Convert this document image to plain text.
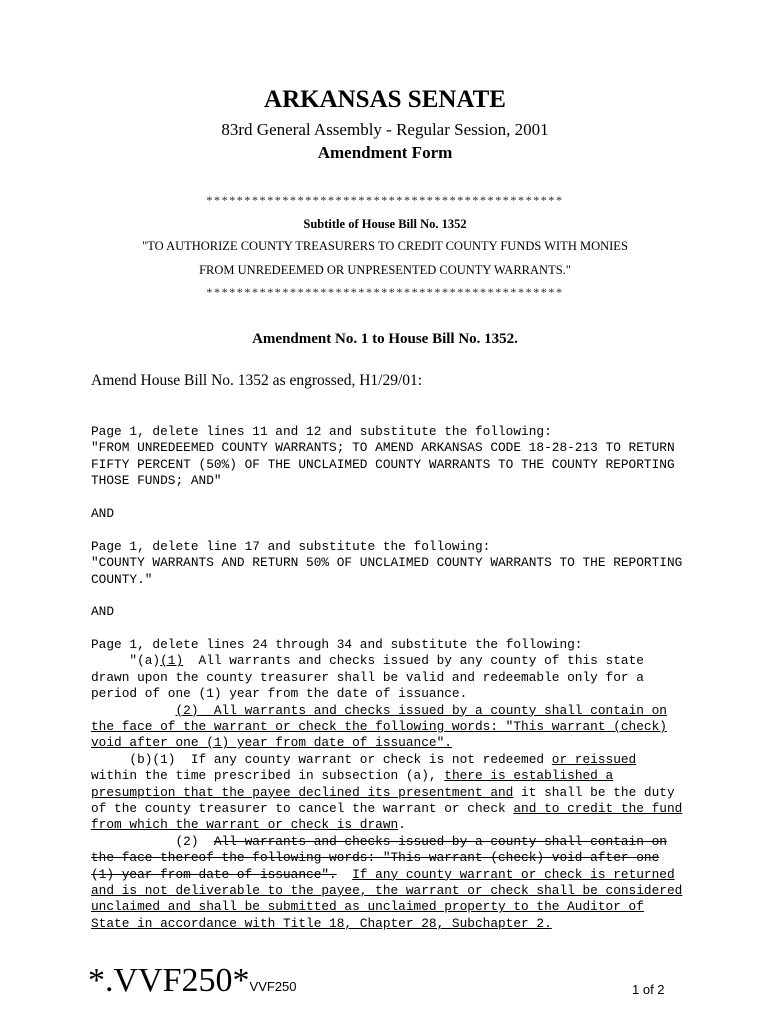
ARKANSAS SENATE
83rd General Assembly - Regular Session, 2001
Amendment Form
***********************************************
Subtitle of House Bill No. 1352
"TO AUTHORIZE COUNTY TREASURERS TO CREDIT COUNTY FUNDS WITH MONIES
FROM UNREDEEMED OR UNPRESENTED COUNTY WARRANTS."
***********************************************
Amendment No. 1 to House Bill No. 1352.
Amend House Bill No. 1352 as engrossed, H1/29/01:
Page 1, delete lines 11 and 12 and substitute the following:
"FROM UNREDEEMED COUNTY WARRANTS; TO AMEND ARKANSAS CODE 18-28-213 TO RETURN
FIFTY PERCENT (50%) OF THE UNCLAIMED COUNTY WARRANTS TO THE COUNTY REPORTING
THOSE FUNDS; AND"
AND
Page 1, delete line 17 and substitute the following:
"COUNTY WARRANTS AND RETURN 50% OF UNCLAIMED COUNTY WARRANTS TO THE REPORTING
COUNTY."
AND
Page 1, delete lines 24 through 34 and substitute the following:
"(a)(1)  All warrants and checks issued by any county of this state
drawn upon the county treasurer shall be valid and redeemable only for a
period of one (1) year from the date of issuance.
(2)  All warrants and checks issued by a county shall contain on
the face of the warrant or check the following words: "This warrant (check)
void after one (1) year from date of issuance".
(b)(1)  If any county warrant or check is not redeemed or reissued
within the time prescribed in subsection (a), there is established a
presumption that the payee declined its presentment and it shall be the duty
of the county treasurer to cancel the warrant or check and to credit the fund
from which the warrant or check is drawn.
(2)  All warrants and checks issued by a county shall contain on
the face thereof the following words: "This warrant (check) void after one
(1) year from date of issuance". If any county warrant or check is returned
and is not deliverable to the payee, the warrant or check shall be considered
unclaimed and shall be submitted as unclaimed property to the Auditor of
State in accordance with Title 18, Chapter 28, Subchapter 2.
*.VVF250*VVF250	1 of 2
